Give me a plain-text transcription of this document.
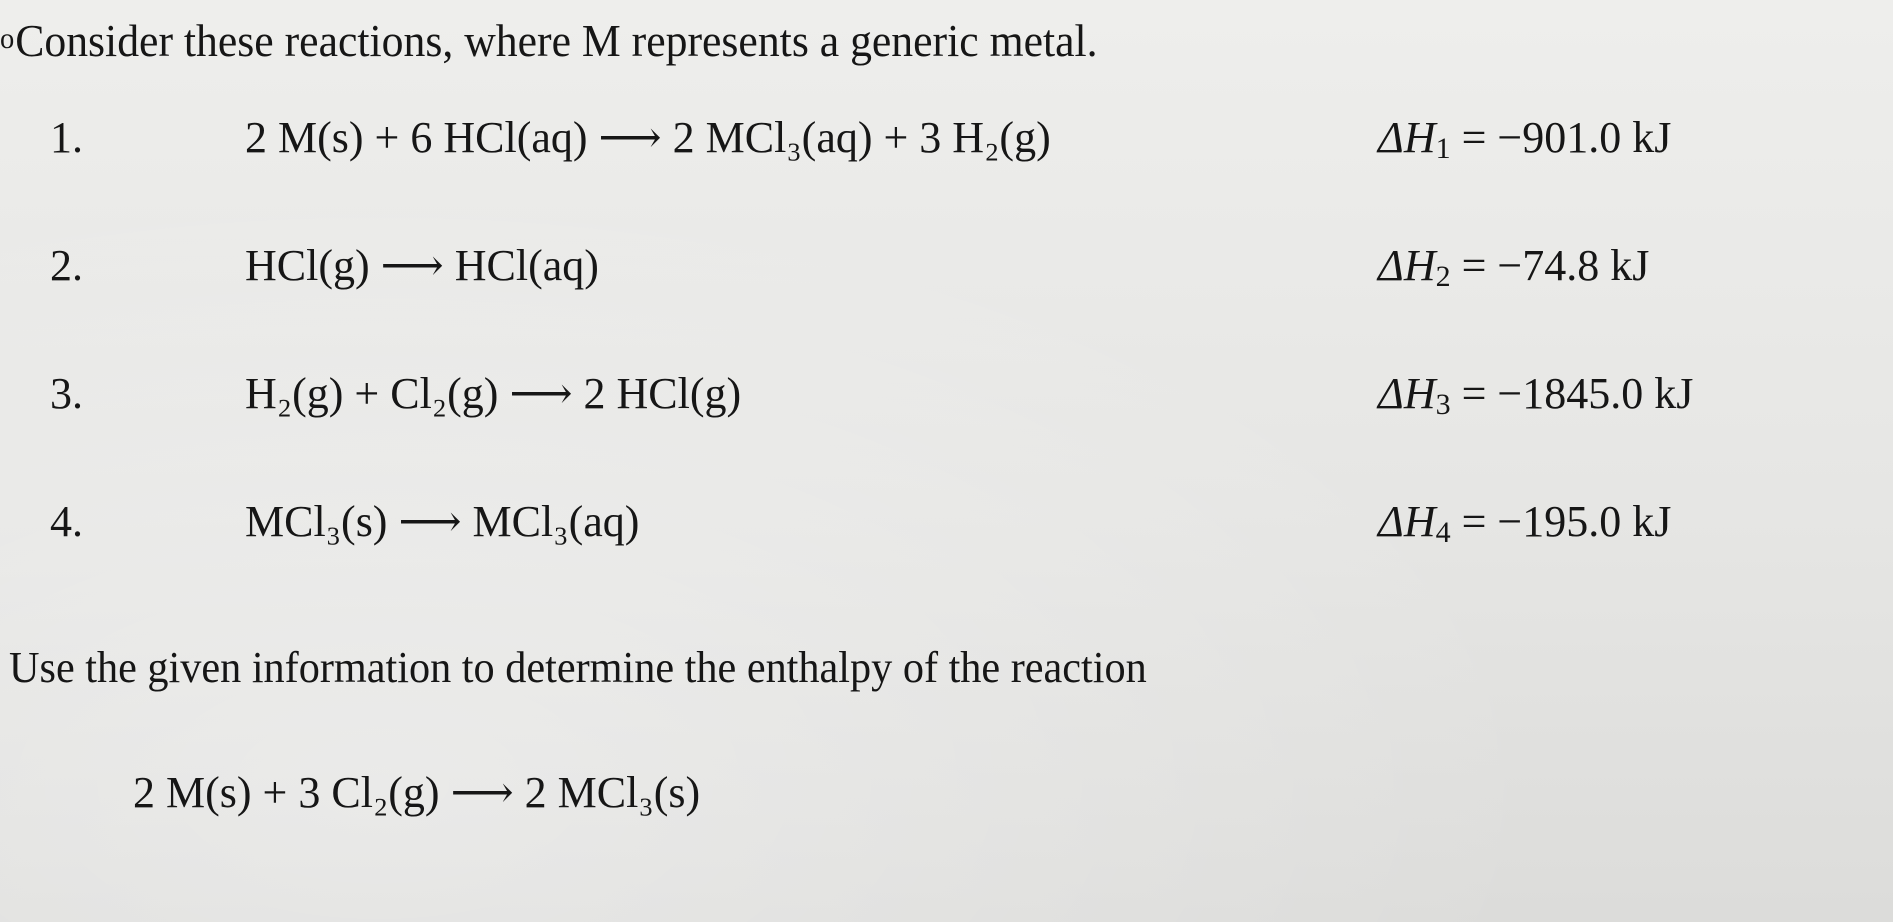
oConsider these reactions, where M represents a generic metal.
1.	2 M(s) + 6 HCl(aq) ⟶ 2 MCl₃(aq) + 3 H₂(g)	ΔH1 = −901.0 kJ
2.	HCl(g) ⟶ HCl(aq)	ΔH2 = −74.8 kJ
3.	H₂(g) + Cl₂(g) ⟶ 2 HCl(g)	ΔH3 = −1845.0 kJ
4.	MCl₃(s) ⟶ MCl₃(aq)	ΔH4 = −195.0 kJ
Use the given information to determine the enthalpy of the reaction
2 M(s) + 3 Cl₂(g) ⟶ 2 MCl₃(s)
